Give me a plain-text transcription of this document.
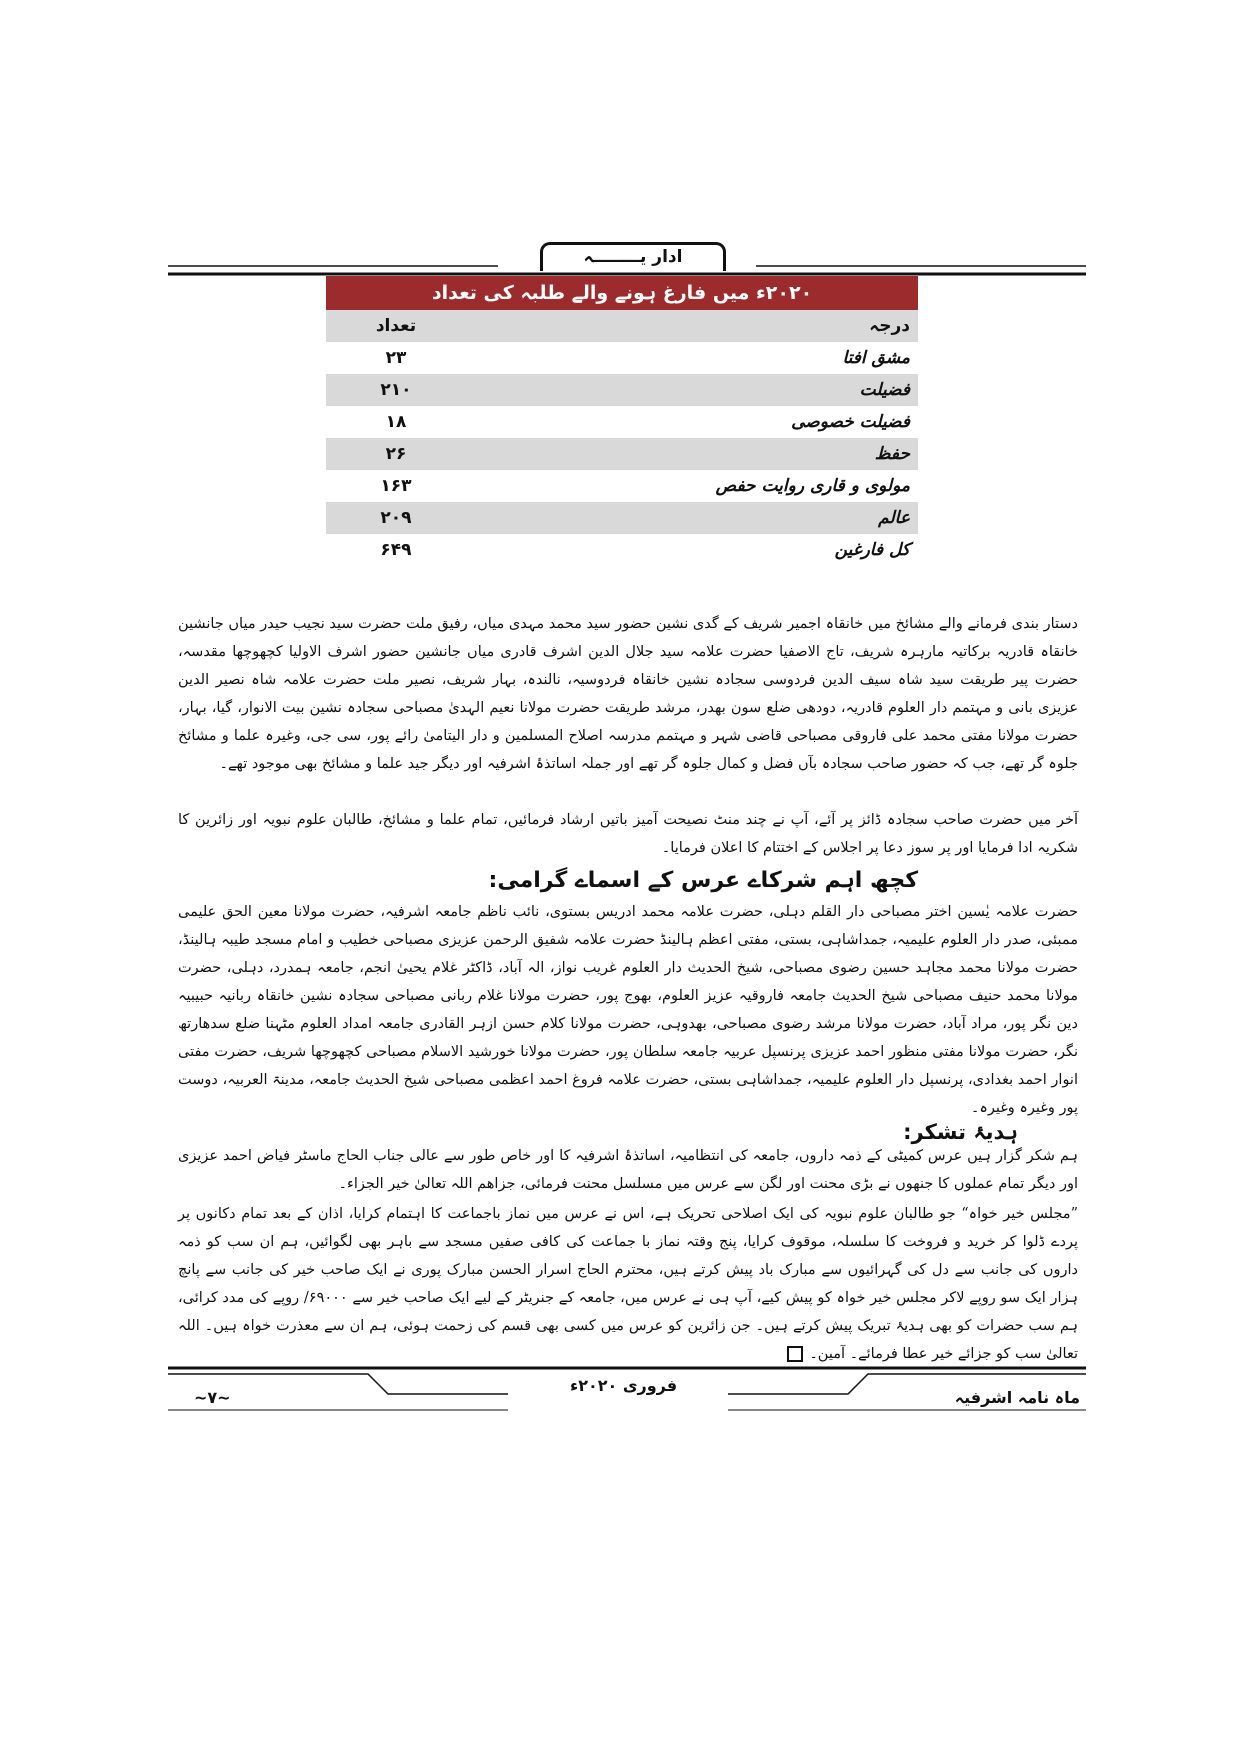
ادار یــــــــہ
۲۰۲۰ء میں فارغ ہونے والے طلبہ کی تعداد
درجہ
تعداد
مشق افتا
۲۳
فضیلت
۲۱۰
فضیلت خصوصی
۱۸
حفظ
۲۶
مولوی و قاری روایت حفص
۱۶۳
عالم
۲۰۹
کل فارغین
۶۴۹
دستار بندی فرمانے والے مشائخ میں خانقاہ اجمیر شریف کے گدی نشین حضور سید محمد مہدی میاں، رفیق ملت حضرت سید نجیب حیدر میاں جانشین خانقاہ قادریہ برکاتیہ مارہرہ شریف، تاج الاصفیا حضرت علامہ سید جلال الدین اشرف قادری میاں جانشین حضور اشرف الاولیا کچھوچھا مقدسہ، حضرت پیر طریقت سید شاہ سیف الدین فردوسی سجادہ نشین خانقاہ فردوسیہ، نالندہ، بہار شریف، نصیر ملت حضرت علامہ شاہ نصیر الدین عزیزی بانی و مہتمم دار العلوم قادریہ، دودھی ضلع سون بھدر، مرشد طریقت حضرت مولانا نعیم الہدیٰ مصباحی سجادہ نشین بیت الانوار، گیا، بہار، حضرت مولانا مفتی محمد علی فاروقی مصباحی قاضی شہر و مہتمم مدرسہ اصلاح المسلمین و دار الیتامیٰ رائے پور، سی جی، وغیرہ علما و مشائخ جلوہ گر تھے، جب کہ حضور صاحب سجادہ بآں فضل و کمال جلوہ گر تھے اور جملہ اساتذۂ اشرفیہ اور دیگر جید علما و مشائخ بھی موجود تھے۔
آخر میں حضرت صاحب سجادہ ڈائز پر آئے، آپ نے چند منٹ نصیحت آمیز باتیں ارشاد فرمائیں، تمام علما و مشائخ، طالبان علوم نبویہ اور زائرین کا شکریہ ادا فرمایا اور پر سوز دعا پر اجلاس کے اختتام کا اعلان فرمایا۔
کچھ اہم شرکاے عرس کے اسماے گرامی:
حضرت علامہ یٰسین اختر مصباحی دار القلم دہلی، حضرت علامہ محمد ادریس بستوی، نائب ناظم جامعہ اشرفیہ، حضرت مولانا معین الحق علیمی ممبئی، صدر دار العلوم علیمیہ، جمداشاہی، بستی، مفتی اعظم ہالینڈ حضرت علامہ شفیق الرحمن عزیزی مصباحی خطیب و امام مسجد طیبہ ہالینڈ، حضرت مولانا محمد مجاہد حسین رضوی مصباحی، شیخ الحدیث دار العلوم غریب نواز، الہ آباد، ڈاکٹر غلام یحییٰ انجم، جامعہ ہمدرد، دہلی، حضرت مولانا محمد حنیف مصباحی شیخ الحدیث جامعہ فاروقیہ عزیز العلوم، بھوج پور، حضرت مولانا غلام ربانی مصباحی سجادہ نشین خانقاہ ربانیہ حبیبیہ دین نگر پور، مراد آباد، حضرت مولانا مرشد رضوی مصباحی، بھدوہی، حضرت مولانا کلام حسن ازہر القادری جامعہ امداد العلوم مٹہنا ضلع سدھارتھ نگر، حضرت مولانا مفتی منظور احمد عزیزی پرنسپل عربیہ جامعہ سلطان پور، حضرت مولانا خورشید الاسلام مصباحی کچھوچھا شریف، حضرت مفتی انوار احمد بغدادی، پرنسپل دار العلوم علیمیہ، جمداشاہی بستی، حضرت علامہ فروغ احمد اعظمی مصباحی شیخ الحدیث جامعہ، مدینۃ العربیہ، دوست پور وغیرہ وغیرہ۔
ہدیۂ تشکر:
ہم شکر گزار ہیں عرس کمیٹی کے ذمہ داروں، جامعہ کی انتظامیہ، اساتذۂ اشرفیہ کا اور خاص طور سے عالی جناب الحاج ماسٹر فیاض احمد عزیزی اور دیگر تمام عملوں کا جنھوں نے بڑی محنت اور لگن سے عرس میں مسلسل محنت فرمائی، جزاھم اللہ تعالیٰ خیر الجزاء۔
”مجلس خیر خواہ“ جو طالبان علوم نبویہ کی ایک اصلاحی تحریک ہے، اس نے عرس میں نماز باجماعت کا اہتمام کرایا، اذان کے بعد تمام دکانوں پر پردے ڈلوا کر خرید و فروخت کا سلسلہ، موقوف کرایا، پنج وقتہ نماز با جماعت کی کافی صفیں مسجد سے باہر بھی لگوائیں، ہم ان سب کو ذمہ داروں کی جانب سے دل کی گہرائیوں سے مبارک باد پیش کرتے ہیں، محترم الحاج اسرار الحسن مبارک پوری نے ایک صاحب خیر کی جانب سے پانچ ہزار ایک سو روپے لاکر مجلس خیر خواہ کو پیش کیے، آپ ہی نے عرس میں، جامعہ کے جنریٹر کے لیے ایک صاحب خیر سے ۶۹۰۰۰/ روپے کی مدد کرائی، ہم سب حضرات کو بھی ہدیۂ تبریک پیش کرتے ہیں۔ جن زائرین کو عرس میں کسی بھی قسم کی زحمت ہوئی، ہم ان سے معذرت خواہ ہیں۔ اللہ تعالیٰ سب کو جزائے خیر عطا فرمائے۔ آمین۔
ماہ نامہ اشرفیہ
فروری ۲۰۲۰ء
~۷~
